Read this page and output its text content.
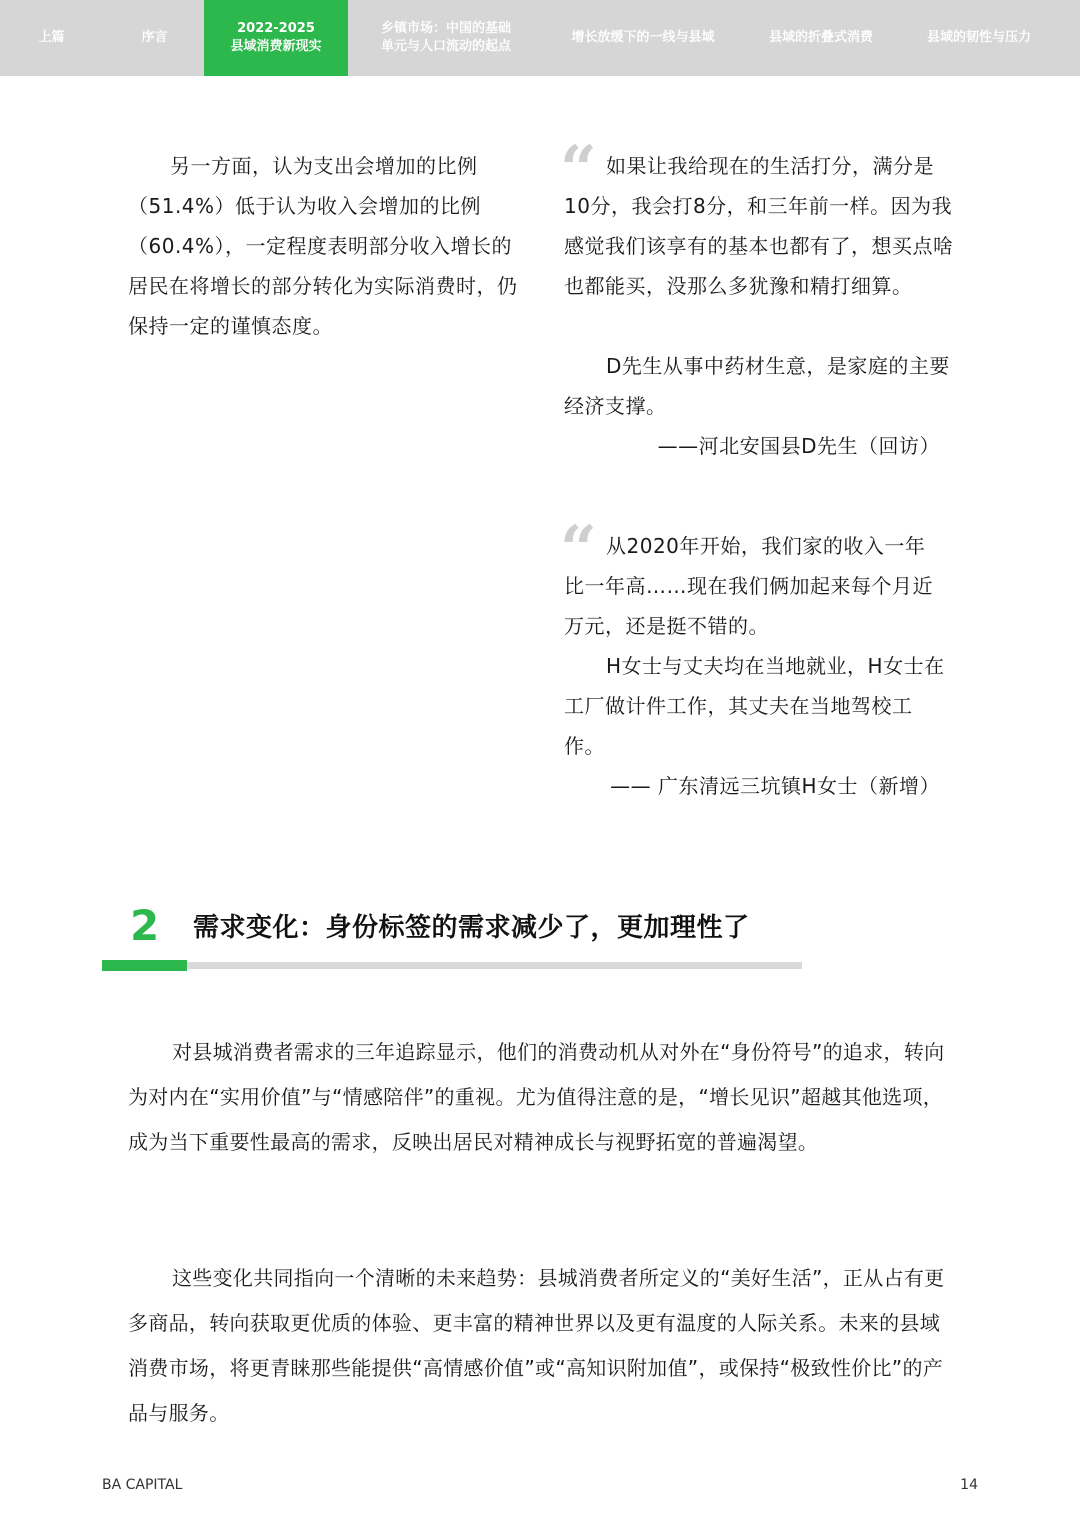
上篇	序言
2022-2025
县域消费新现实
乡镇市场：中国的基础
单元与人口流动的起点
增长放缓下的一线与县域	县域的折叠式消费	县域的韧性与压力
另一方面，认为支出会增加的比例（51.4%）低于认为收入会增加的比例（60.4%），一定程度表明部分收入增长的居民在将增长的部分转化为实际消费时，仍保持一定的谨慎态度。
“ 如果让我给现在的生活打分，满分是10分，我会打8分，和三年前一样。因为我感觉我们该享有的基本也都有了，想买点啥也都能买，没那么多犹豫和精打细算。
D先生从事中药材生意，是家庭的主要经济支撑。
——河北安国县D先生（回访）
“ 从2020年开始，我们家的收入一年比一年高……现在我们俩加起来每个月近万元，还是挺不错的。
H女士与丈夫均在当地就业，H女士在工厂做计件工作，其丈夫在当地驾校工作。
—— 广东清远三坑镇H女士（新增）
2 需求变化：身份标签的需求减少了，更加理性了
对县城消费者需求的三年追踪显示，他们的消费动机从对外在“身份符号”的追求，转向为对内在“实用价值”与“情感陪伴”的重视。尤为值得注意的是，“增长见识”超越其他选项，成为当下重要性最高的需求，反映出居民对精神成长与视野拓宽的普遍渴望。
这些变化共同指向一个清晰的未来趋势：县城消费者所定义的“美好生活”，正从占有更多商品，转向获取更优质的体验、更丰富的精神世界以及更有温度的人际关系。未来的县域消费市场，将更青睐那些能提供“高情感价值”或“高知识附加值”，或保持“极致性价比”的产品与服务。
BA CAPITAL	14
